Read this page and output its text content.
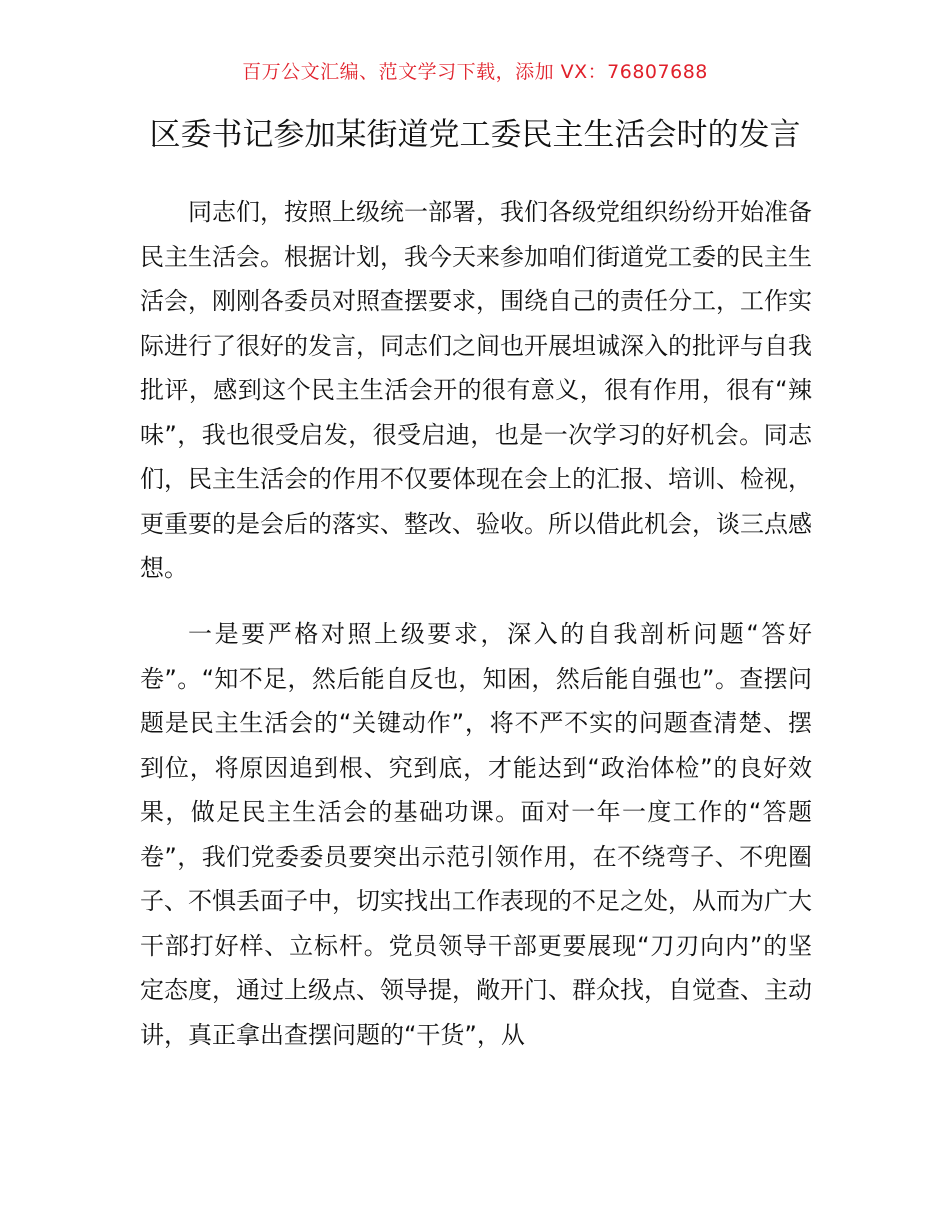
百万公文汇编、范文学习下载，添加 VX：76807688
区委书记参加某街道党工委民主生活会时的发言

同志们，按照上级统一部署，我们各级党组织纷纷开始准备民主生活会。根据计划，我今天来参加咱们街道党工委的民主生活会，刚刚各委员对照查摆要求，围绕自己的责任分工，工作实际进行了很好的发言，同志们之间也开展坦诚深入的批评与自我批评，感到这个民主生活会开的很有意义，很有作用，很有“辣味”，我也很受启发，很受启迪，也是一次学习的好机会。同志们，民主生活会的作用不仅要体现在会上的汇报、培训、检视，更重要的是会后的落实、整改、验收。所以借此机会，谈三点感想。

一是要严格对照上级要求，深入的自我剖析问题“答好卷”。“知不足，然后能自反也，知困，然后能自强也”。查摆问题是民主生活会的“关键动作”，将不严不实的问题查清楚、摆到位，将原因追到根、究到底，才能达到“政治体检”的良好效果，做足民主生活会的基础功课。面对一年一度工作的“答题卷”，我们党委委员要突出示范引领作用，在不绕弯子、不兜圈子、不惧丢面子中，切实找出工作表现的不足之处，从而为广大干部打好样、立标杆。党员领导干部更要展现“刀刃向内”的坚定态度，通过上级点、领导提，敞开门、群众找，自觉查、主动讲，真正拿出查摆问题的“干货”，从
